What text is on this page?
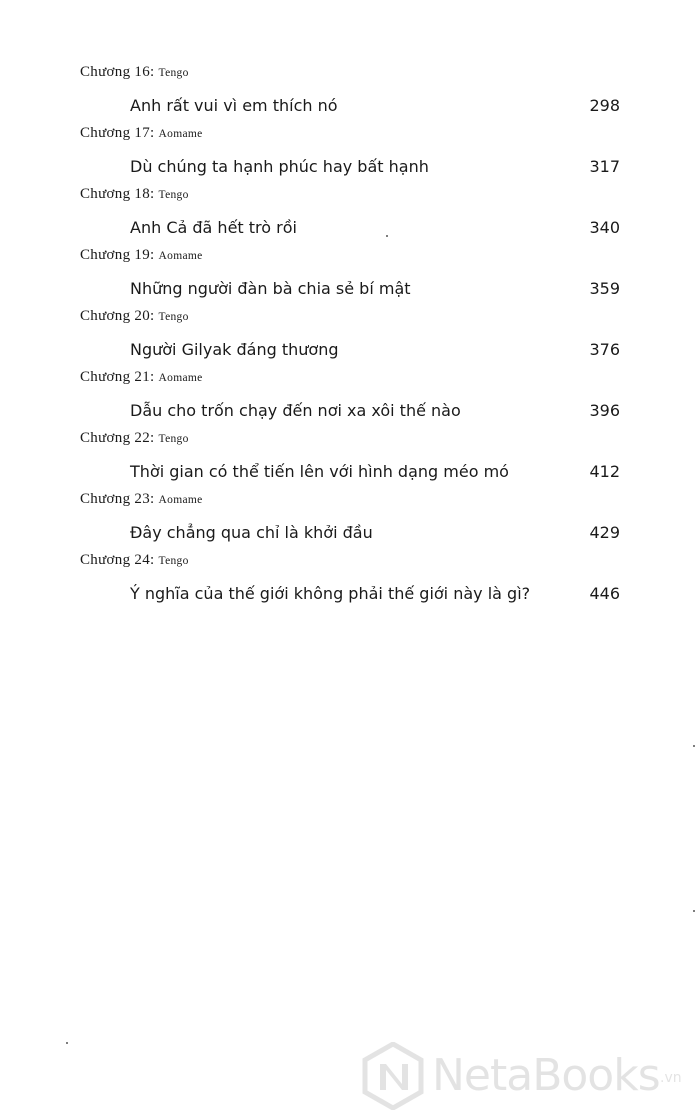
Chương 16: Tengo
Anh rất vui vì em thích nó	298
Chương 17: Aomame
Dù chúng ta hạnh phúc hay bất hạnh	317
Chương 18: Tengo
Anh Cả đã hết trò rồi	340
Chương 19: Aomame
Những người đàn bà chia sẻ bí mật	359
Chương 20: Tengo
Người Gilyak đáng thương	376
Chương 21: Aomame
Dẫu cho trốn chạy đến nơi xa xôi thế nào	396
Chương 22: Tengo
Thời gian có thể tiến lên với hình dạng méo mó	412
Chương 23: Aomame
Đây chẳng qua chỉ là khởi đầu	429
Chương 24: Tengo
Ý nghĩa của thế giới không phải thế giới này là gì?	446
NetaBooks .vn
